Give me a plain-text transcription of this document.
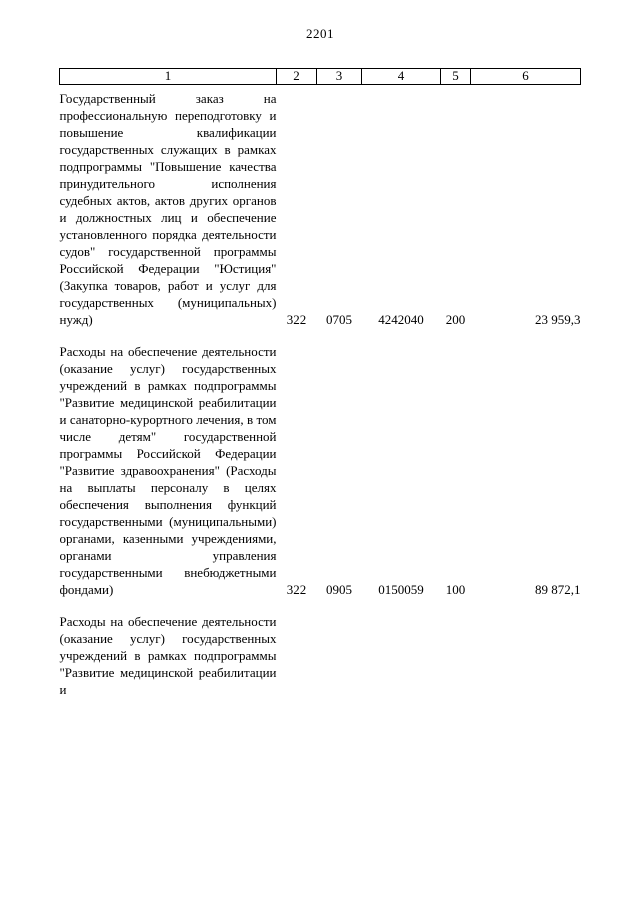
2201
1	2	3	4	5	6
Государственный заказ на профессиональную переподготовку и повышение квалификации государственных служащих в рамках подпрограммы "Повышение качества принудительного исполнения судебных актов, актов других органов и должностных лиц и обеспечение установленного порядка деятельности судов" государственной программы Российской Федерации "Юстиция" (Закупка товаров, работ и услуг для государственных (муниципальных) нужд)	322	0705	4242040	200	23 959,3
Расходы на обеспечение деятельности (оказание услуг) государственных учреждений в рамках подпрограммы "Развитие медицинской реабилитации и санаторно-курортного лечения, в том числе детям" государственной программы Российской Федерации "Развитие здравоохранения" (Расходы на выплаты персоналу в целях обеспечения выполнения функций государственными (муниципальными) органами, казенными учреждениями, органами управления государственными внебюджетными фондами)	322	0905	0150059	100	89 872,1
Расходы на обеспечение деятельности (оказание услуг) государственных учреждений в рамках подпрограммы "Развитие медицинской реабилитации и					
